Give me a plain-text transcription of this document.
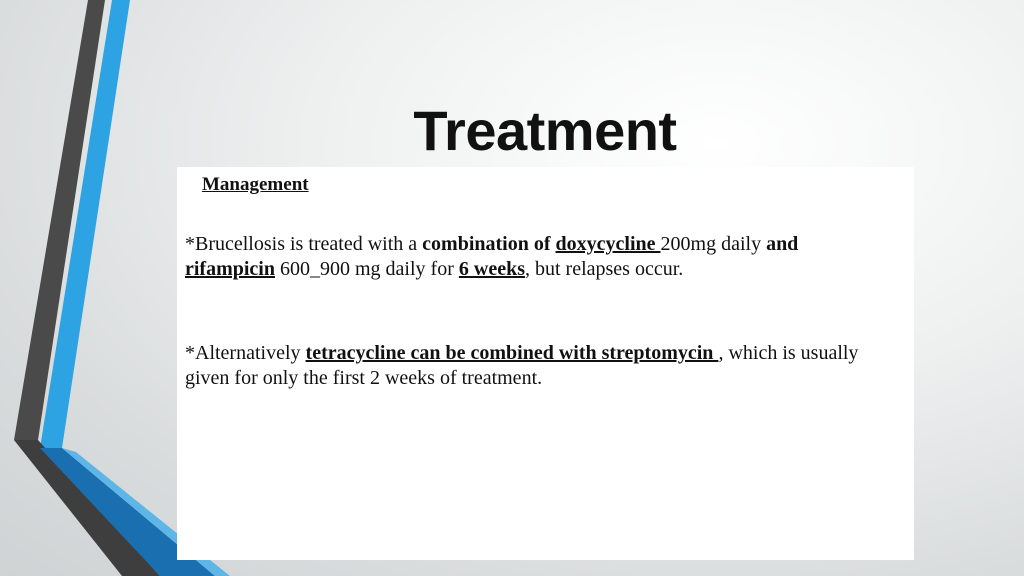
Treatment
Management
*Brucellosis is treated with a combination of doxycycline 200mg daily and rifampicin 600_900 mg daily for 6 weeks, but relapses occur.
*Alternatively tetracycline can be combined with streptomycin , which is usually given for only the first 2 weeks of treatment.
